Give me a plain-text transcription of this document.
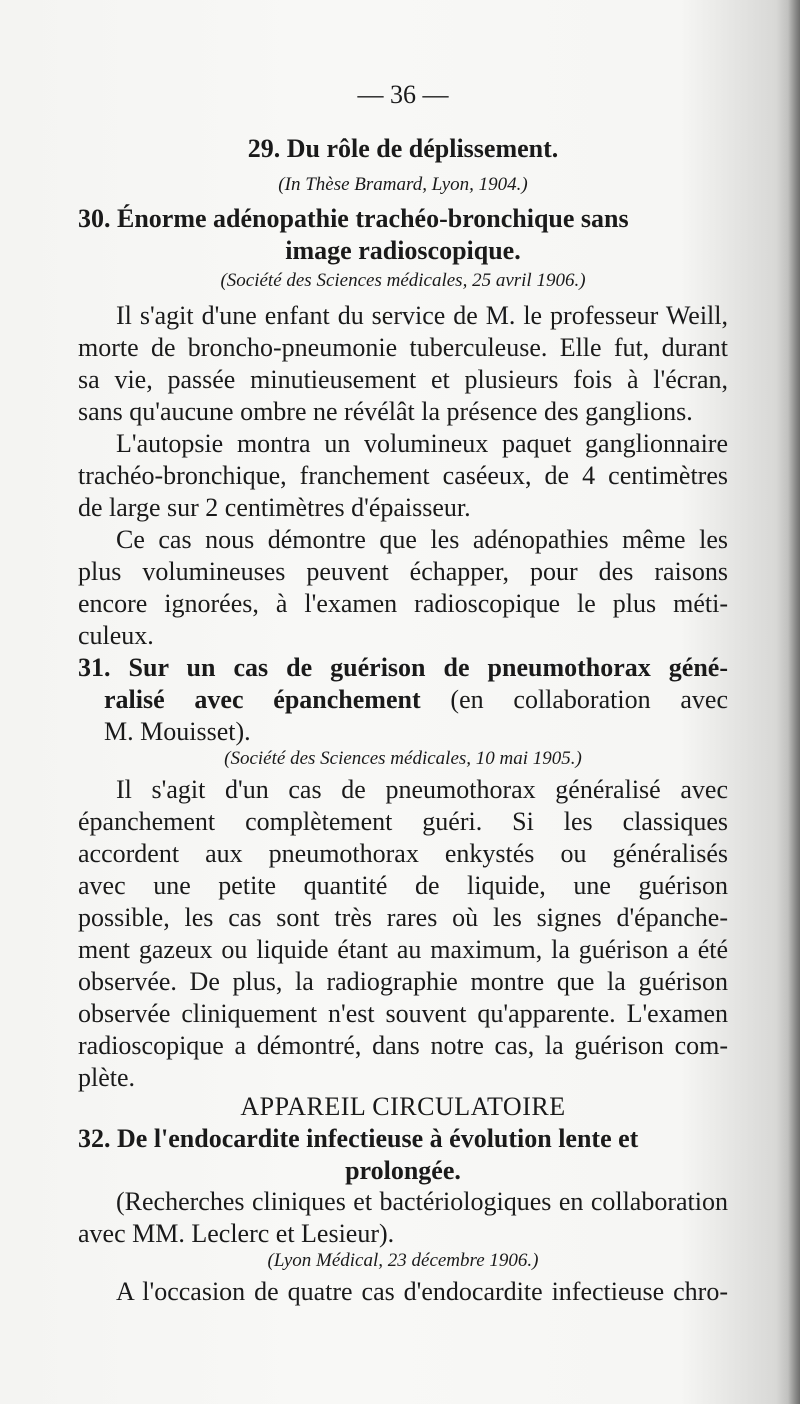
— 36 —
29. Du rôle de déplissement.
(In Thèse Bramard, Lyon, 1904.)
30. Énorme adénopathie trachéo-bronchique sans
image radioscopique.
(Société des Sciences médicales, 25 avril 1906.)
Il s'agit d'une enfant du service de M. le professeur Weill,
morte de broncho-pneumonie tuberculeuse. Elle fut, durant
sa vie, passée minutieusement et plusieurs fois à l'écran,
sans qu'aucune ombre ne révélât la présence des ganglions.
L'autopsie montra un volumineux paquet ganglionnaire
trachéo-bronchique, franchement caséeux, de 4 centimètres
de large sur 2 centimètres d'épaisseur.
Ce cas nous démontre que les adénopathies même les
plus volumineuses peuvent échapper, pour des raisons
encore ignorées, à l'examen radioscopique le plus méti-
culeux.
31. Sur un cas de guérison de pneumothorax géné-
ralisé avec épanchement (en collaboration avec
M. Mouisset).
(Société des Sciences médicales, 10 mai 1905.)
Il s'agit d'un cas de pneumothorax généralisé avec
épanchement complètement guéri. Si les classiques
accordent aux pneumothorax enkystés ou généralisés
avec une petite quantité de liquide, une guérison
possible, les cas sont très rares où les signes d'épanche-
ment gazeux ou liquide étant au maximum, la guérison a été
observée. De plus, la radiographie montre que la guérison
observée cliniquement n'est souvent qu'apparente. L'examen
radioscopique a démontré, dans notre cas, la guérison com-
plète.
APPAREIL CIRCULATOIRE
32. De l'endocardite infectieuse à évolution lente et
prolongée.
(Recherches cliniques et bactériologiques en collaboration
avec MM. Leclerc et Lesieur).
(Lyon Médical, 23 décembre 1906.)
A l'occasion de quatre cas d'endocardite infectieuse chro-
